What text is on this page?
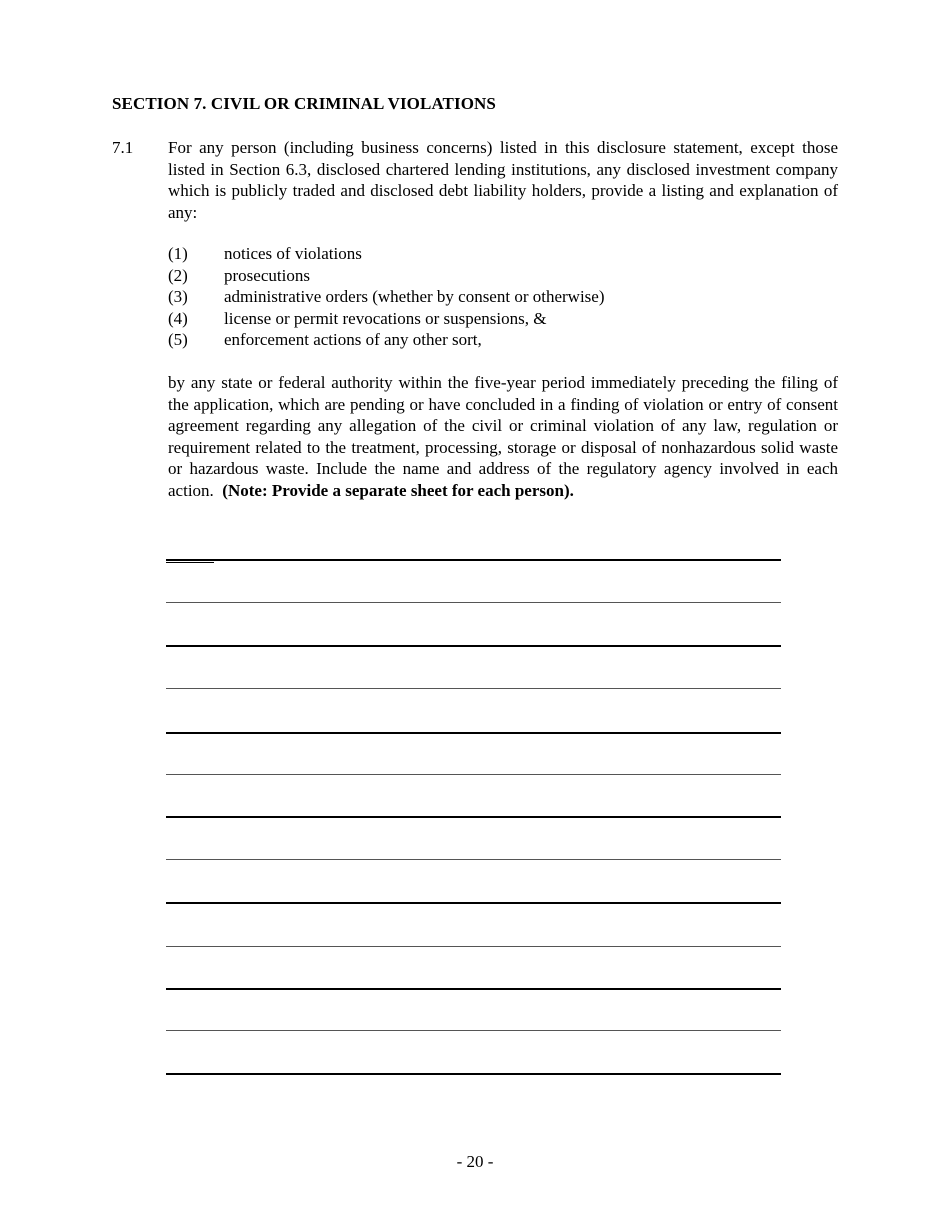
SECTION 7. CIVIL OR CRIMINAL VIOLATIONS
7.1 For any person (including business concerns) listed in this disclosure statement, except those listed in Section 6.3, disclosed chartered lending institutions, any disclosed investment company which is publicly traded and disclosed debt liability holders, provide a listing and explanation of any:

(1)	notices of violations
(2)	prosecutions
(3)	administrative orders (whether by consent or otherwise)
(4)	license or permit revocations or suspensions, &
(5)	enforcement actions of any other sort,

by any state or federal authority within the five-year period immediately preceding the filing of the application, which are pending or have concluded in a finding of violation or entry of consent agreement regarding any allegation of the civil or criminal violation of any law, regulation or requirement related to the treatment, processing, storage or disposal of nonhazardous solid waste or hazardous waste. Include the name and address of the regulatory agency involved in each action. (Note: Provide a separate sheet for each person).

- 20 -
